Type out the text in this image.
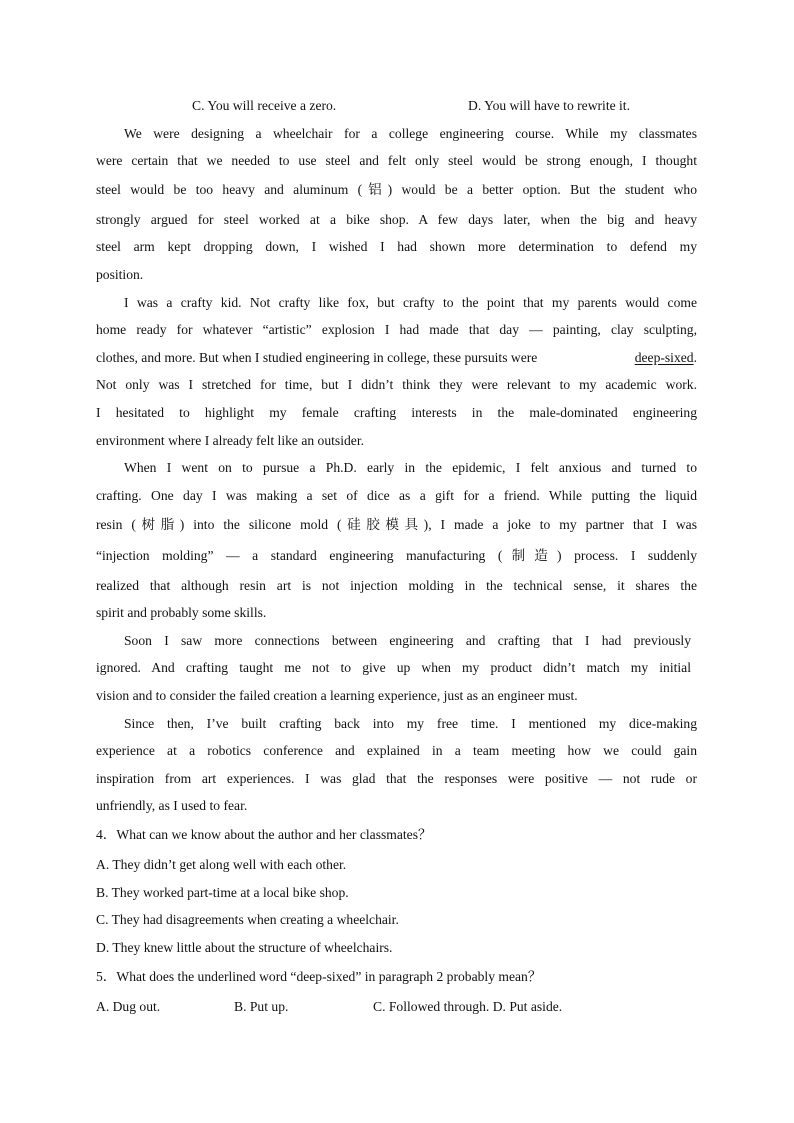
C. You will receive a zero.	D. You will have to rewrite it.
We were designing a wheelchair for a college engineering course. While my classmates
were certain that we needed to use steel and felt only steel would be strong enough, I thought
steel would be too heavy and aluminum (铝) would be a better option. But the student who
strongly argued for steel worked at a bike shop. A few days later, when the big and heavy
steel arm kept dropping down, I wished I had shown more determination to defend my
position.
I was a crafty kid. Not crafty like fox, but crafty to the point that my parents would come
home ready for whatever “artistic” explosion I had made that day — painting, clay sculpting,
clothes, and more. But when I studied engineering in college, these pursuits were	deep-sixed.
Not only was I stretched for time, but I didn’t think they were relevant to my academic work.
I hesitated to highlight my female crafting interests in the male-dominated engineering
environment where I already felt like an outsider.
When I went on to pursue a Ph.D. early in the epidemic, I felt anxious and turned to
crafting. One day I was making a set of dice as a gift for a friend. While putting the liquid
resin (树脂) into the silicone mold (硅胶模具), I made a joke to my partner that I was
“injection molding” — a standard engineering manufacturing (制造) process. I suddenly
realized that although resin art is not injection molding in the technical sense, it shares the
spirit and probably some skills.
Soon I saw more connections between engineering and crafting that I had previously
ignored. And crafting taught me not to give up when my product didn’t match my initial
vision and to consider the failed creation a learning experience, just as an engineer must.
Since then, I’ve built crafting back into my free time. I mentioned my dice-making
experience at a robotics conference and explained in a team meeting how we could gain
inspiration from art experiences. I was glad that the responses were positive — not rude or
unfriendly, as I used to fear.
4．What can we know about the author and her classmates？
A. They didn’t get along well with each other.
B. They worked part-time at a local bike shop.
C. They had disagreements when creating a wheelchair.
D. They knew little about the structure of wheelchairs.
5．What does the underlined word “deep-sixed” in paragraph 2 probably mean？
A. Dug out.	B. Put up.	C. Followed through. D. Put aside.
